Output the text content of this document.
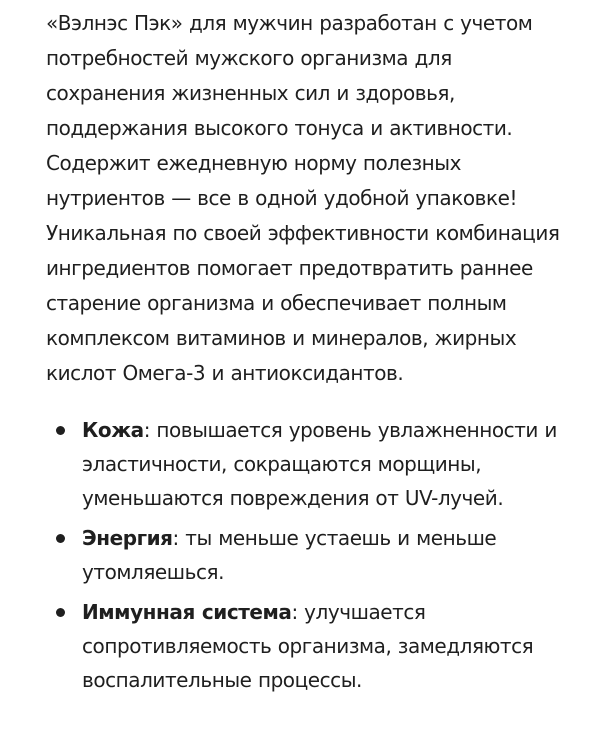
«Вэлнэс Пэк» для мужчин разработан с учетом потребностей мужского организма для сохранения жизненных сил и здоровья, поддержания высокого тонуса и активности. Содержит ежедневную норму полезных нутриентов — все в одной удобной упаковке! Уникальная по своей эффективности комбинация ингредиентов помогает предотвратить раннее старение организма и обеспечивает полным комплексом витаминов и минералов, жирных кислот Омега-3 и антиоксидантов.

Кожа: повышается уровень увлажненности и эластичности, сокращаются морщины, уменьшаются повреждения от UV-лучей.
Энергия: ты меньше устаешь и меньше утомляешься.
Иммунная система: улучшается сопротивляемость организма, замедляются воспалительные процессы.
